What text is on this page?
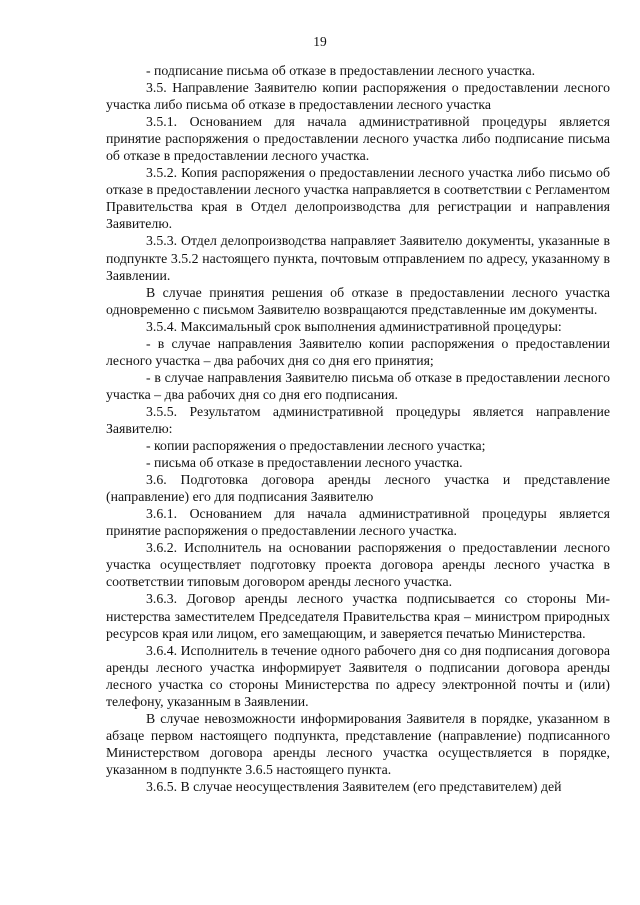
19

- подписание письма об отказе в предоставлении лесного участка.

3.5. Направление Заявителю копии распоряжения о предоставлении лесного участка либо письма об отказе в предоставлении лесного участка

3.5.1. Основанием для начала административной процедуры является принятие распоряжения о предоставлении лесного участка либо подписание письма об отказе в предоставлении лесного участка.

3.5.2. Копия распоряжения о предоставлении лесного участка либо письмо об отказе в предоставлении лесного участка направляется в соответствии с Регламентом Правительства края в Отдел делопроизводства для регистрации и направления Заявителю.

3.5.3. Отдел делопроизводства направляет Заявителю документы, указанные в подпункте 3.5.2 настоящего пункта, почтовым отправлением по адресу, указанному в Заявлении.

В случае принятия решения об отказе в предоставлении лесного участка одновременно с письмом Заявителю возвращаются представленные им документы.

3.5.4. Максимальный срок выполнения административной процедуры:

- в случае направления Заявителю копии распоряжения о предоставлении лесного участка – два рабочих дня со дня его принятия;

- в случае направления Заявителю письма об отказе в предоставлении лесного участка – два рабочих дня со дня его подписания.

3.5.5. Результатом административной процедуры является направление Заявителю:

- копии распоряжения о предоставлении лесного участка;

- письма об отказе в предоставлении лесного участка.

3.6. Подготовка договора аренды лесного участка и представление (направление) его для подписания Заявителю

3.6.1. Основанием для начала административной процедуры является принятие распоряжения о предоставлении лесного участка.

3.6.2. Исполнитель на основании распоряжения о предоставлении лесного участка осуществляет подготовку проекта договора аренды лесного участка в соответствии типовым договором аренды лесного участка.

3.6.3. Договор аренды лесного участка подписывается со стороны Министерства заместителем Председателя Правительства края – министром природных ресурсов края или лицом, его замещающим, и заверяется печатью Министерства.

3.6.4. Исполнитель в течение одного рабочего дня со дня подписания договора аренды лесного участка информирует Заявителя о подписании договора аренды лесного участка со стороны Министерства по адресу электронной почты и (или) телефону, указанным в Заявлении.

В случае невозможности информирования Заявителя в порядке, указанном в абзаце первом настоящего подпункта, представление (направление) подписанного Министерством договора аренды лесного участка осуществляется в порядке, указанном в подпункте 3.6.5 настоящего пункта.

3.6.5. В случае неосуществления Заявителем (его представителем) дей
